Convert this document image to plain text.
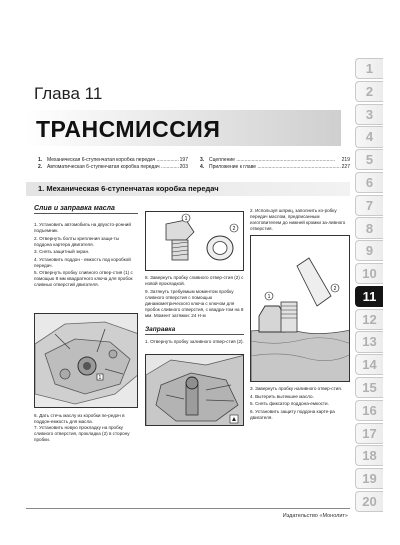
Глава 11
ТРАНСМИССИЯ
1. Механическая 6-ступенчатая коробка передач .....	197
2. Автоматическая 6-ступенчатая коробка передач .....	203
3. Сцепление .....	219
4. Приложение к главе .....	227
1. Механическая 6-ступенчатая коробка передач
Слив и заправка масла

1. Установить автомобиль на двухсто-ронний подъемник.

2. Отвернуть болты крепления защи-ты поддона картера двигателя.

3. Снять защитный экран.

4. Установить поддон - емкость под коробкой передач.

5. Отвернуть пробку сливного отвер-стия (1) с помощью 8 мм квадратного ключа для пробок сливных отверстий двигателя.

1

6. Дать стечь маслу из коробки пе-редач в поддон-емкость для масла.

7. Установить новую прокладку на пробку сливного отверстия, прокладка (2) в сторону пробки.

1
2

8. Завернуть пробку сливного отвер-стия (2) с новой прокладкой.

9. Затянуть требуемым моментом пробку сливного отверстия с помощью динамометрического ключа с ключом для пробок сливного отверстия, с квадра-том на 8 мм. Момент затяжки: 24 Н·м

Заправка

1. Отвернуть пробку заливного отвер-стия (2).

2. Используя шприц, заполнить ко-робку передач маслом, предписанным изготовителем до нижней кромки за-ливного отверстия.

1
2

3. Завернуть пробку наливного отвер-стия.

4. Вытереть вытекшее масло.

5. Снять фиксатор поддона-емкости.

6. Установить защиту поддона карте-ра двигателя.

1
2
3
4
5
6
7
8
9
10
11
12
13
14
15
16
17
18
19
20
Издательство «Монолит»
